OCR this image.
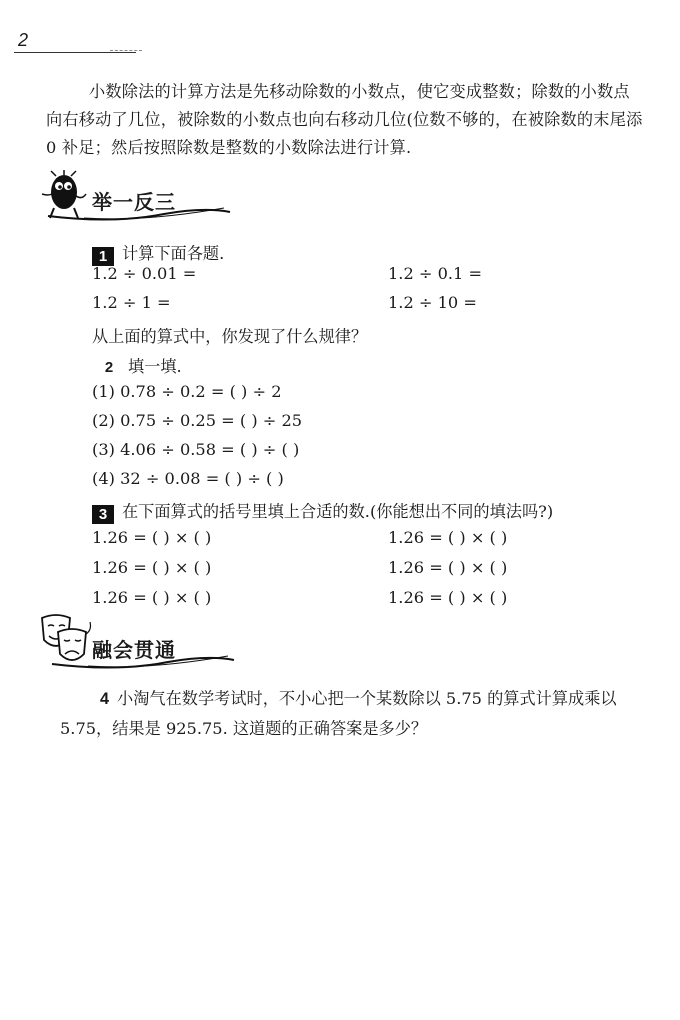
2
小数除法的计算方法是先移动除数的小数点，使它变成整数；除数的小数点向右移动了几位，被除数的小数点也向右移动几位(位数不够的，在被除数的末尾添 0 补足；然后按照除数是整数的小数除法进行计算.
举一反三
1 计算下面各题.
1.2 ÷ 0.01 =	1.2 ÷ 0.1 =
1.2 ÷ 1 =	1.2 ÷ 10 =
从上面的算式中，你发现了什么规律？
2 填一填.
(1) 0.78 ÷ 0.2 = ( ) ÷ 2
(2) 0.75 ÷ 0.25 = ( ) ÷ 25
(3) 4.06 ÷ 0.58 = ( ) ÷ ( )
(4) 32 ÷ 0.08 = ( ) ÷ ( )
3 在下面算式的括号里填上合适的数.(你能想出不同的填法吗?)
1.26 = ( ) × ( )	1.26 = ( ) × ( )
1.26 = ( ) × ( )	1.26 = ( ) × ( )
1.26 = ( ) × ( )	1.26 = ( ) × ( )
融会贯通
4 小淘气在数学考试时，不小心把一个某数除以 5.75 的算式计算成乘以 5.75，结果是 925.75. 这道题的正确答案是多少？
